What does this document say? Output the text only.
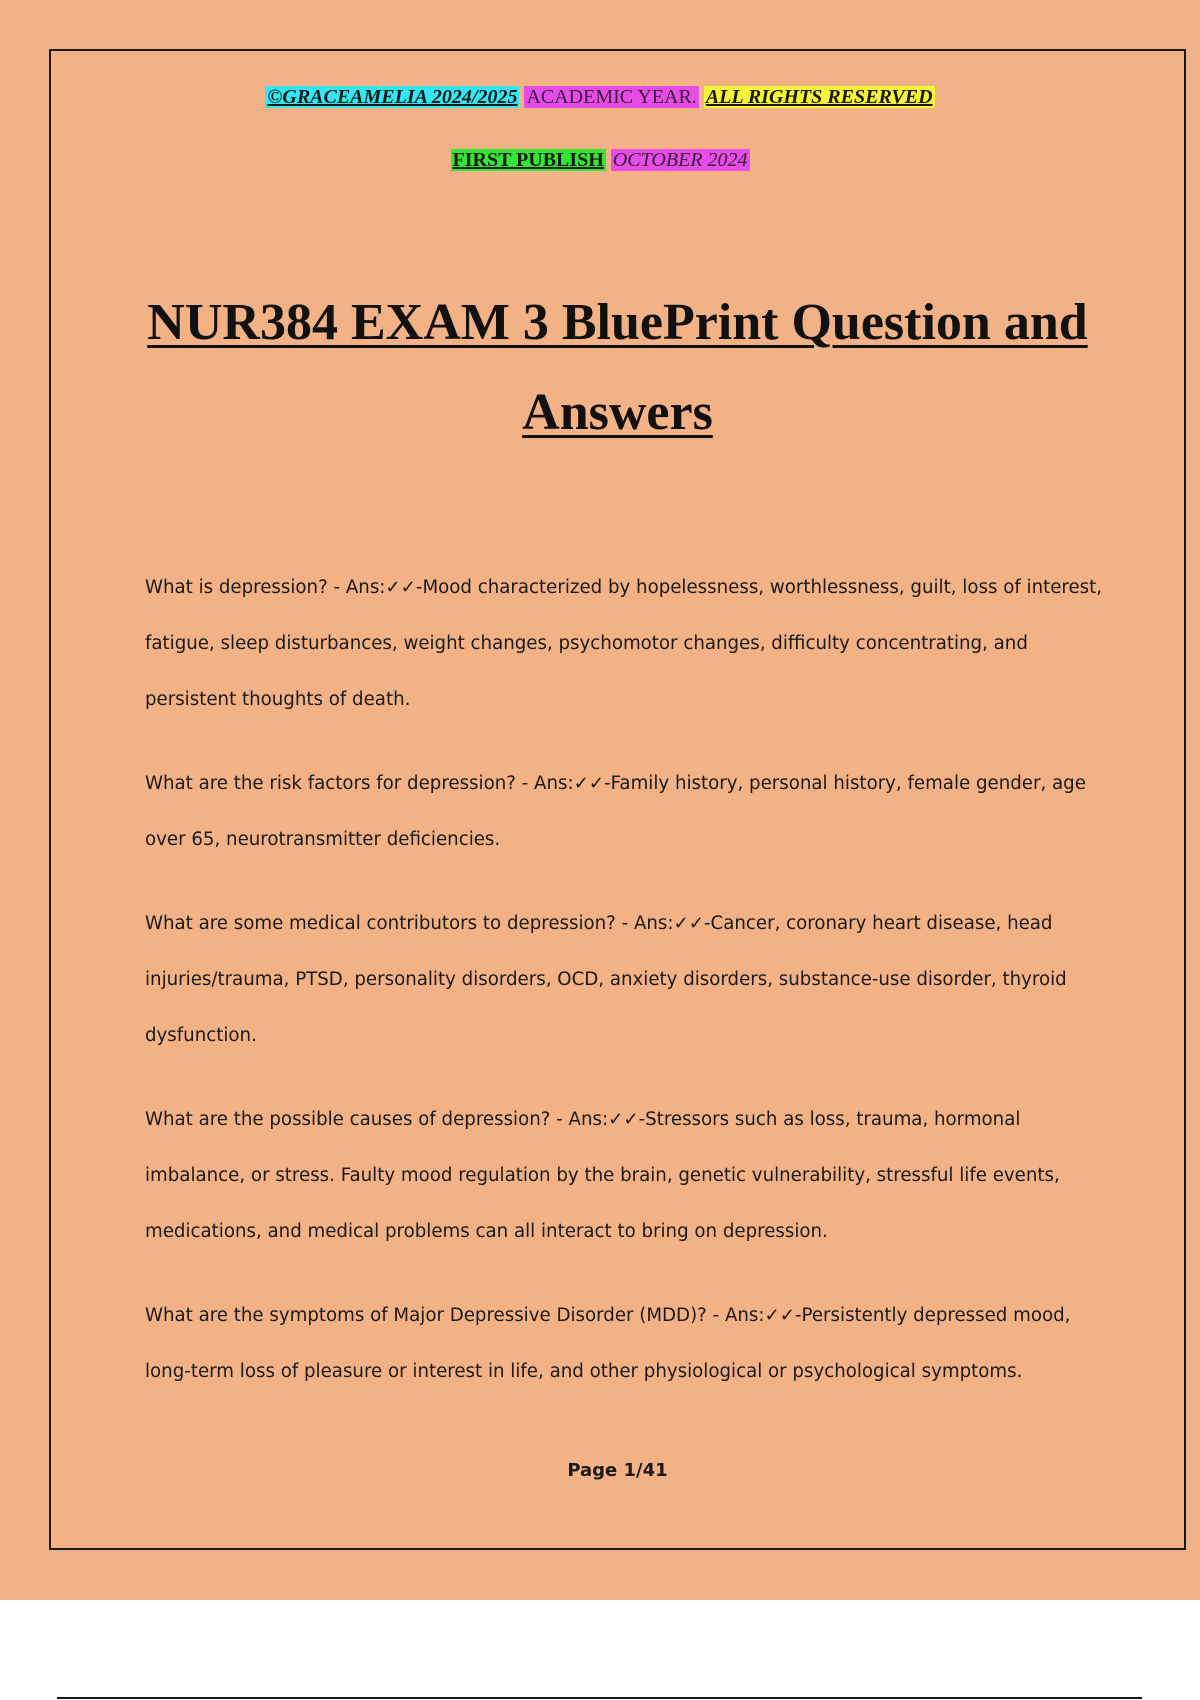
©GRACEAMELIA 2024/2025 ACADEMIC YEAR. ALL RIGHTS RESERVED
FIRST PUBLISH OCTOBER 2024
NUR384 EXAM 3 BluePrint Question and Answers

What is depression? - Ans:✓✓-Mood characterized by hopelessness, worthlessness, guilt, loss of interest, fatigue, sleep disturbances, weight changes, psychomotor changes, difficulty concentrating, and persistent thoughts of death.

What are the risk factors for depression? - Ans:✓✓-Family history, personal history, female gender, age over 65, neurotransmitter deficiencies.

What are some medical contributors to depression? - Ans:✓✓-Cancer, coronary heart disease, head injuries/trauma, PTSD, personality disorders, OCD, anxiety disorders, substance-use disorder, thyroid dysfunction.

What are the possible causes of depression? - Ans:✓✓-Stressors such as loss, trauma, hormonal imbalance, or stress. Faulty mood regulation by the brain, genetic vulnerability, stressful life events, medications, and medical problems can all interact to bring on depression.

What are the symptoms of Major Depressive Disorder (MDD)? - Ans:✓✓-Persistently depressed mood, long-term loss of pleasure or interest in life, and other physiological or psychological symptoms.

Page 1/41
